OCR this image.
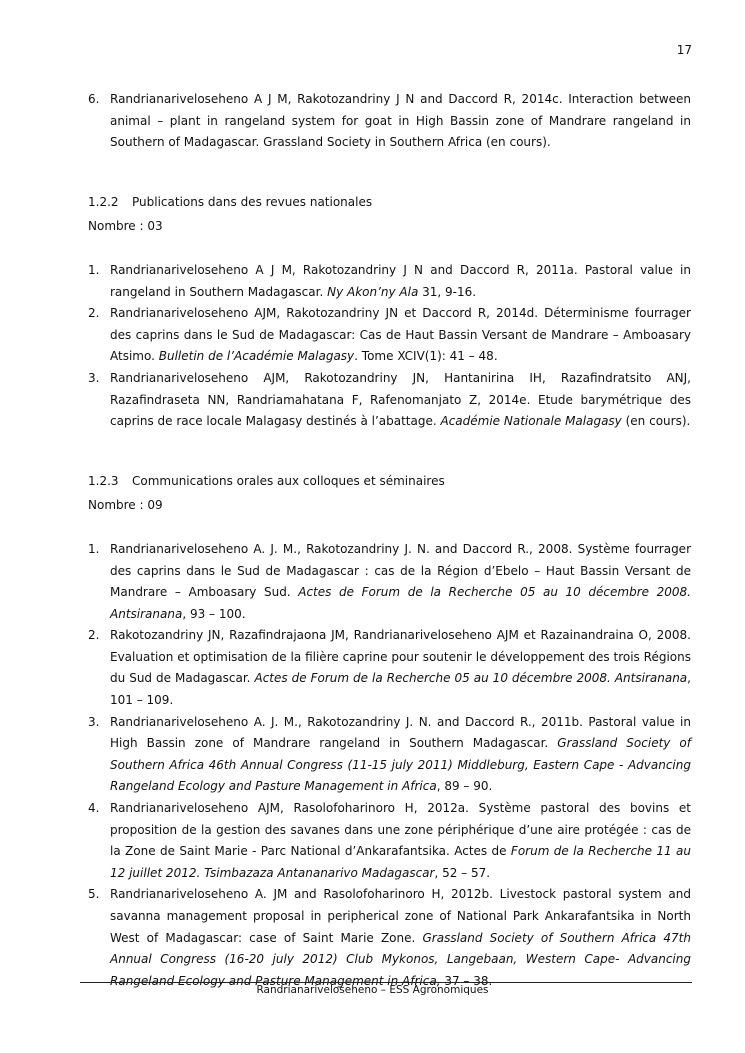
17
6. Randrianariveloseheno A J M, Rakotozandriny J N and Daccord R, 2014c. Interaction between animal – plant in rangeland system for goat in High Bassin zone of Mandrare rangeland in Southern of Madagascar. Grassland Society in Southern Africa (en cours).
1.2.2 Publications dans des revues nationales
Nombre : 03
1. Randrianariveloseheno A J M, Rakotozandriny J N and Daccord R, 2011a. Pastoral value in rangeland in Southern Madagascar. Ny Akon’ny Ala 31, 9-16.
2. Randrianariveloseheno AJM, Rakotozandriny JN et Daccord R, 2014d. Déterminisme fourrager des caprins dans le Sud de Madagascar: Cas de Haut Bassin Versant de Mandrare – Amboasary Atsimo. Bulletin de l’Académie Malagasy. Tome XCIV(1): 41 – 48.
3. Randrianariveloseheno AJM, Rakotozandriny JN, Hantanirina IH, Razafindratsito ANJ, Razafindraseta NN, Randriamahatana F, Rafenomanjato Z, 2014e. Etude barymétrique des caprins de race locale Malagasy destinés à l’abattage. Académie Nationale Malagasy (en cours).
1.2.3 Communications orales aux colloques et séminaires
Nombre : 09
1. Randrianariveloseheno A. J. M., Rakotozandriny J. N. and Daccord R., 2008. Système fourrager des caprins dans le Sud de Madagascar : cas de la Région d’Ebelo – Haut Bassin Versant de Mandrare – Amboasary Sud. Actes de Forum de la Recherche 05 au 10 décembre 2008. Antsiranana, 93 – 100.
2. Rakotozandriny JN, Razafindrajaona JM, Randrianariveloseheno AJM et Razainandraina O, 2008. Evaluation et optimisation de la filière caprine pour soutenir le développement des trois Régions du Sud de Madagascar. Actes de Forum de la Recherche 05 au 10 décembre 2008. Antsiranana, 101 – 109.
3. Randrianariveloseheno A. J. M., Rakotozandriny J. N. and Daccord R., 2011b. Pastoral value in High Bassin zone of Mandrare rangeland in Southern Madagascar. Grassland Society of Southern Africa 46th Annual Congress (11-15 july 2011) Middleburg, Eastern Cape - Advancing Rangeland Ecology and Pasture Management in Africa, 89 – 90.
4. Randrianariveloseheno AJM, Rasolofoharinoro H, 2012a. Système pastoral des bovins et proposition de la gestion des savanes dans une zone périphérique d’une aire protégée : cas de la Zone de Saint Marie - Parc National d’Ankarafantsika. Actes de Forum de la Recherche 11 au 12 juillet 2012. Tsimbazaza Antananarivo Madagascar, 52 – 57.
5. Randrianariveloseheno A. JM and Rasolofoharinoro H, 2012b. Livestock pastoral system and savanna management proposal in peripherical zone of National Park Ankarafantsika in North West of Madagascar: case of Saint Marie Zone. Grassland Society of Southern Africa 47th Annual Congress (16-20 july 2012) Club Mykonos, Langebaan, Western Cape- Advancing Rangeland Ecology and Pasture Management in Africa, 37 – 38.
Randrianariveloseheno – ESS Agronomiques
